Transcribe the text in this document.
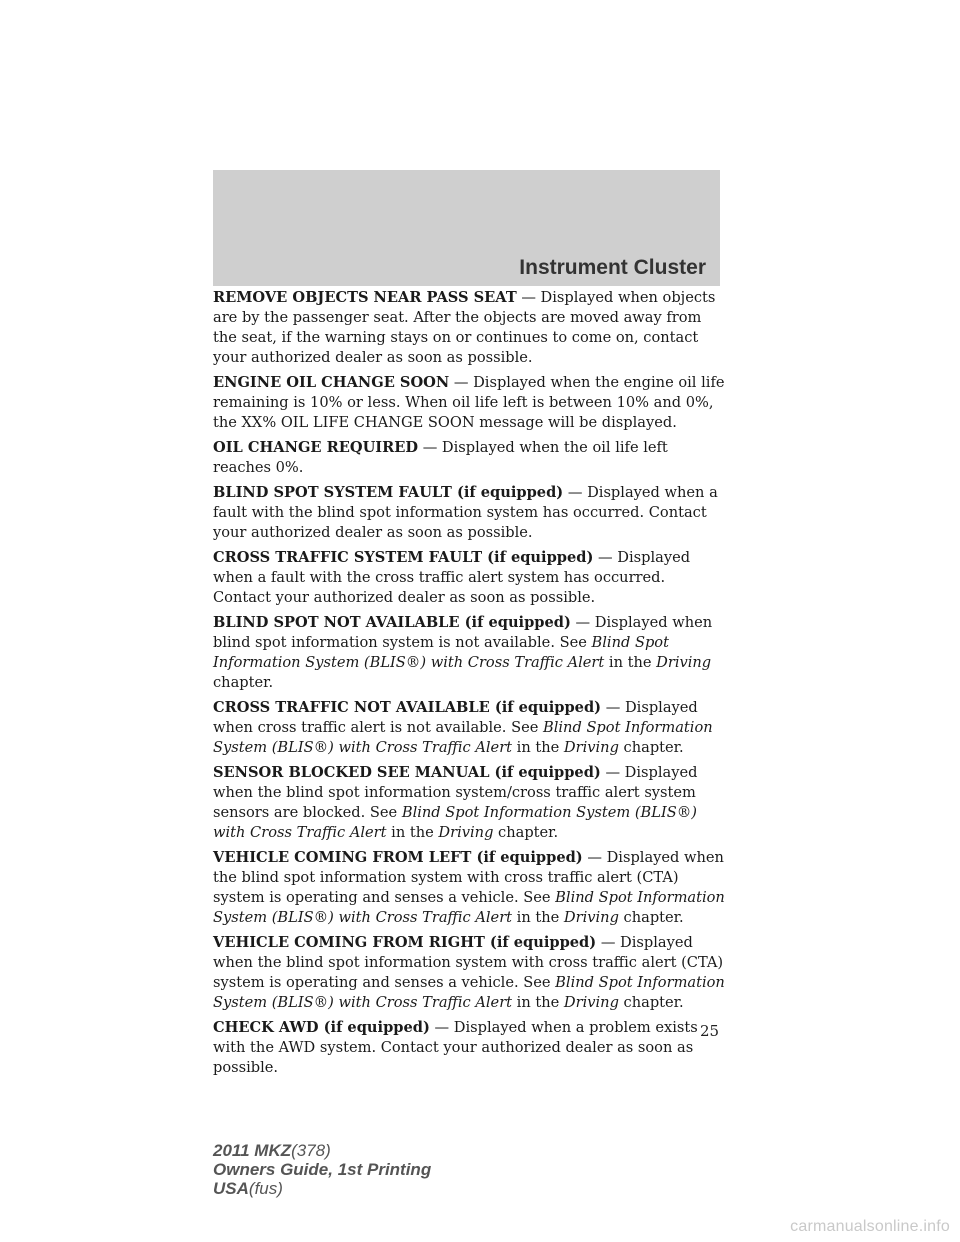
Instrument Cluster

REMOVE OBJECTS NEAR PASS SEAT — Displayed when objects are by the passenger seat. After the objects are moved away from the seat, if the warning stays on or continues to come on, contact your authorized dealer as soon as possible.

ENGINE OIL CHANGE SOON — Displayed when the engine oil life remaining is 10% or less. When oil life left is between 10% and 0%, the XX% OIL LIFE CHANGE SOON message will be displayed.

OIL CHANGE REQUIRED — Displayed when the oil life left reaches 0%.

BLIND SPOT SYSTEM FAULT (if equipped) — Displayed when a fault with the blind spot information system has occurred. Contact your authorized dealer as soon as possible.

CROSS TRAFFIC SYSTEM FAULT (if equipped) — Displayed when a fault with the cross traffic alert system has occurred. Contact your authorized dealer as soon as possible.

BLIND SPOT NOT AVAILABLE (if equipped) — Displayed when blind spot information system is not available. See Blind Spot Information System (BLIS®) with Cross Traffic Alert in the Driving chapter.

CROSS TRAFFIC NOT AVAILABLE (if equipped) — Displayed when cross traffic alert is not available. See Blind Spot Information System (BLIS®) with Cross Traffic Alert in the Driving chapter.

SENSOR BLOCKED SEE MANUAL (if equipped) — Displayed when the blind spot information system/cross traffic alert system sensors are blocked. See Blind Spot Information System (BLIS®) with Cross Traffic Alert in the Driving chapter.

VEHICLE COMING FROM LEFT (if equipped) — Displayed when the blind spot information system with cross traffic alert (CTA) system is operating and senses a vehicle. See Blind Spot Information System (BLIS®) with Cross Traffic Alert in the Driving chapter.

VEHICLE COMING FROM RIGHT (if equipped) — Displayed when the blind spot information system with cross traffic alert (CTA) system is operating and senses a vehicle. See Blind Spot Information System (BLIS®) with Cross Traffic Alert in the Driving chapter.

CHECK AWD (if equipped) — Displayed when a problem exists with the AWD system. Contact your authorized dealer as soon as possible.

25
2011 MKZ(378)
Owners Guide, 1st Printing
USA(fus)
carmanualsonline.info
